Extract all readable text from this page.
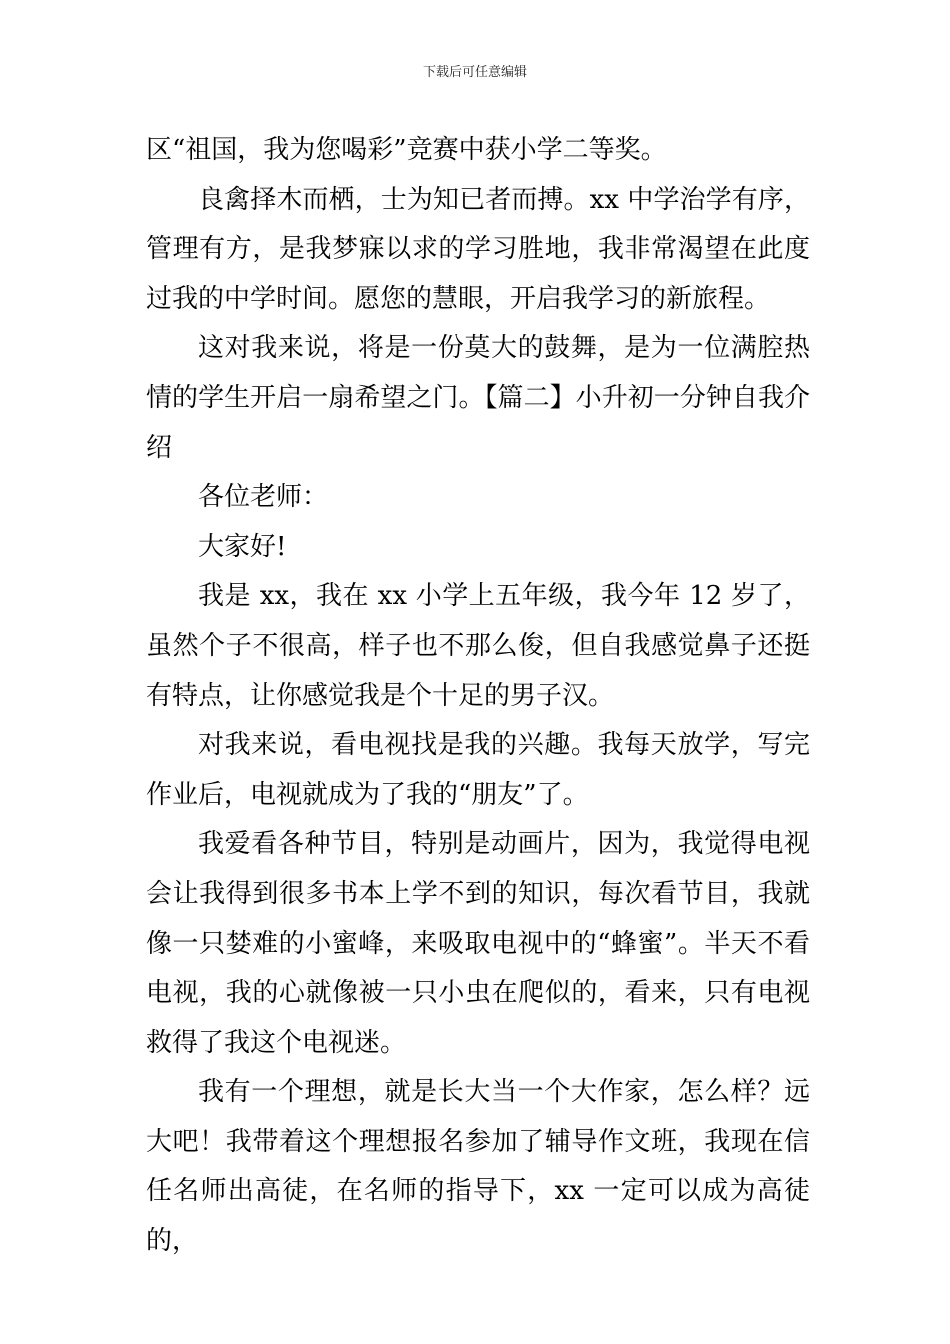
下载后可任意编辑

区“祖国，我为您喝彩”竞赛中获小学二等奖。

良禽择木而栖，士为知已者而搏。xx 中学治学有序，管理有方，是我梦寐以求的学习胜地，我非常渴望在此度过我的中学时间。愿您的慧眼，开启我学习的新旅程。

这对我来说，将是一份莫大的鼓舞，是为一位满腔热情的学生开启一扇希望之门。【篇二】小升初一分钟自我介绍

各位老师：

大家好!

我是 xx，我在 xx 小学上五年级，我今年 12 岁了，虽然个子不很高，样子也不那么俊，但自我感觉鼻子还挺有特点，让你感觉我是个十足的男子汉。

对我来说，看电视找是我的兴趣。我每天放学，写完作业后，电视就成为了我的“朋友”了。

我爱看各种节目，特别是动画片，因为，我觉得电视会让我得到很多书本上学不到的知识，每次看节目，我就像一只婪难的小蜜峰，来吸取电视中的“蜂蜜”。半天不看电视，我的心就像被一只小虫在爬似的，看来，只有电视救得了我这个电视迷。

我有一个理想，就是长大当一个大作家，怎么样？远大吧！我带着这个理想报名参加了辅导作文班，我现在信任名师出高徒，在名师的指导下，xx 一定可以成为高徒的，
